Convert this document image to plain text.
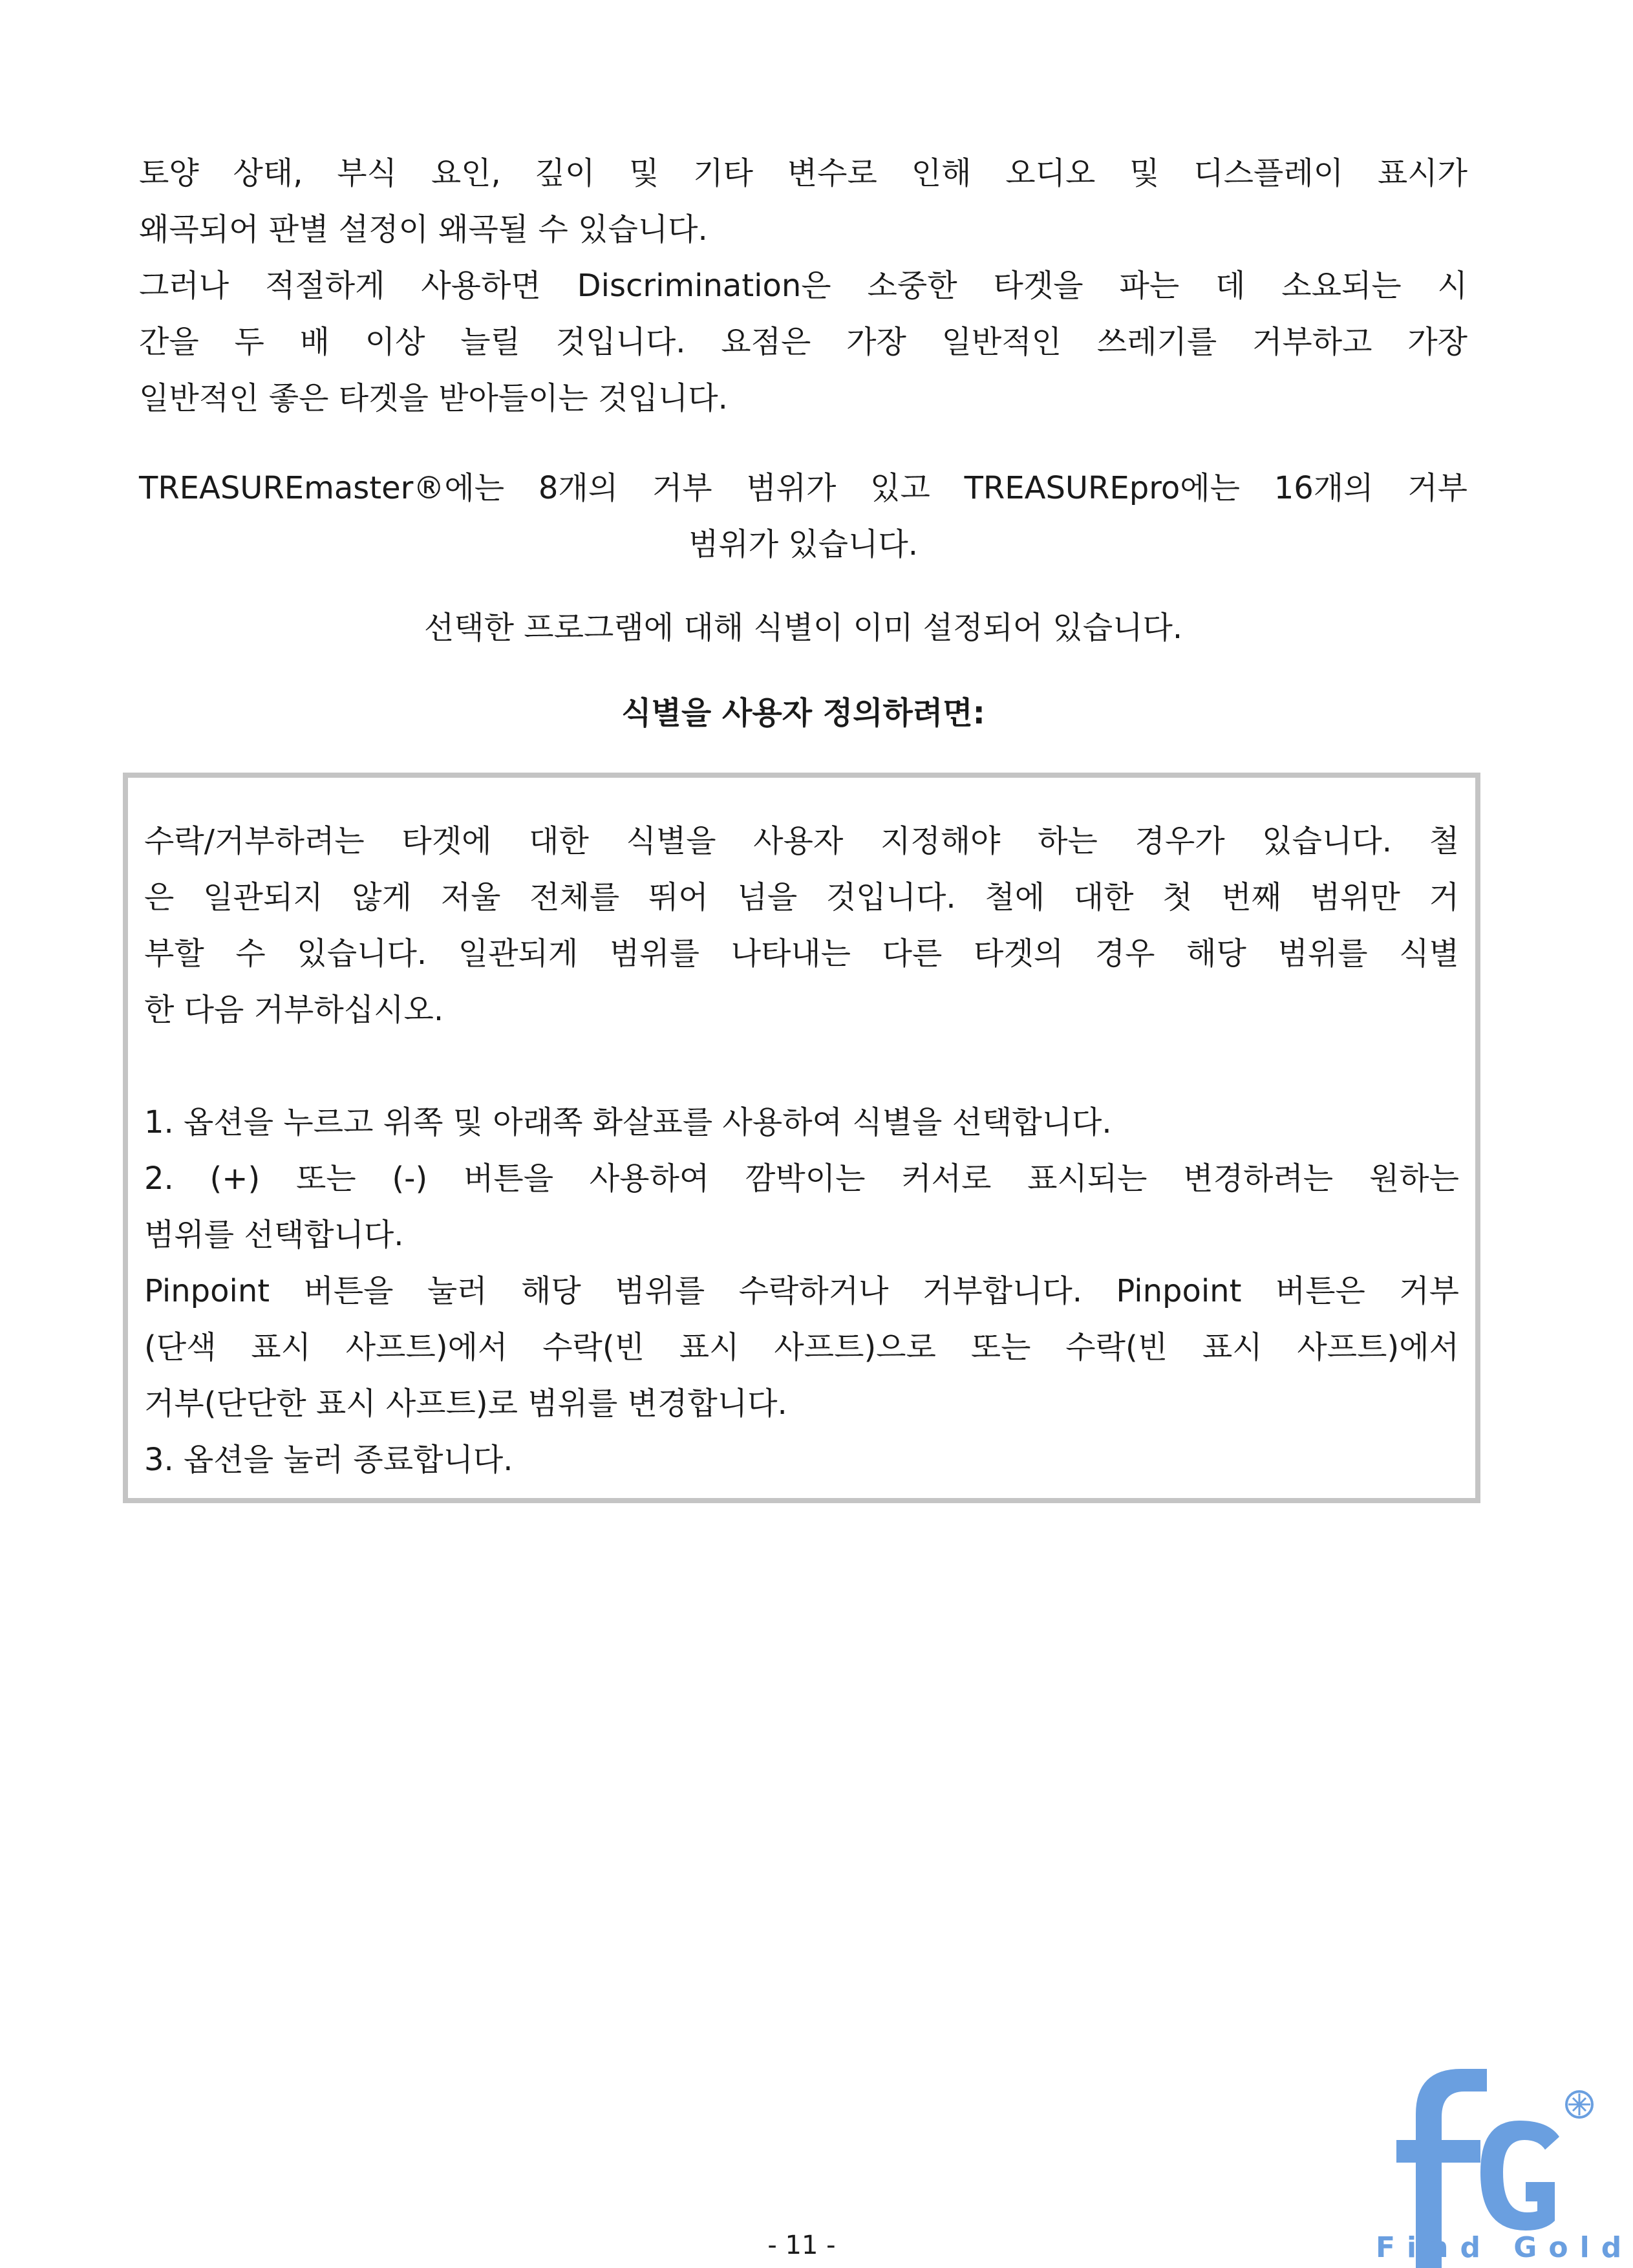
토양 상태, 부식 요인, 깊이 및 기타 변수로 인해 오디오 및 디스플레이 표시가

왜곡되어 판별 설정이 왜곡될 수 있습니다.

그러나 적절하게 사용하면 Discrimination은 소중한 타겟을 파는 데 소요되는 시

간을 두 배 이상 늘릴 것입니다. 요점은 가장 일반적인 쓰레기를 거부하고 가장

일반적인 좋은 타겟을 받아들이는 것입니다.

TREASUREmaster®에는 8개의 거부 범위가 있고 TREASUREpro에는 16개의 거부

범위가 있습니다.

선택한 프로그램에 대해 식별이 이미 설정되어 있습니다.

식별을 사용자 정의하려면:

수락/거부하려는 타겟에 대한 식별을 사용자 지정해야 하는 경우가 있습니다. 철

은 일관되지 않게 저울 전체를 뛰어 넘을 것입니다. 철에 대한 첫 번째 범위만 거

부할 수 있습니다. 일관되게 범위를 나타내는 다른 타겟의 경우 해당 범위를 식별

한 다음 거부하십시오.

1. 옵션을 누르고 위쪽 및 아래쪽 화살표를 사용하여 식별을 선택합니다.

2. (+) 또는 (-) 버튼을 사용하여 깜박이는 커서로 표시되는 변경하려는 원하는

범위를 선택합니다.

Pinpoint 버튼을 눌러 해당 범위를 수락하거나 거부합니다. Pinpoint 버튼은 거부

(단색 표시 사프트)에서 수락(빈 표시 사프트)으로 또는 수락(빈 표시 사프트)에서

거부(단단한 표시 사프트)로 범위를 변경합니다.

3. 옵션을 눌러 종료합니다.

- 11 -	Find Gold
